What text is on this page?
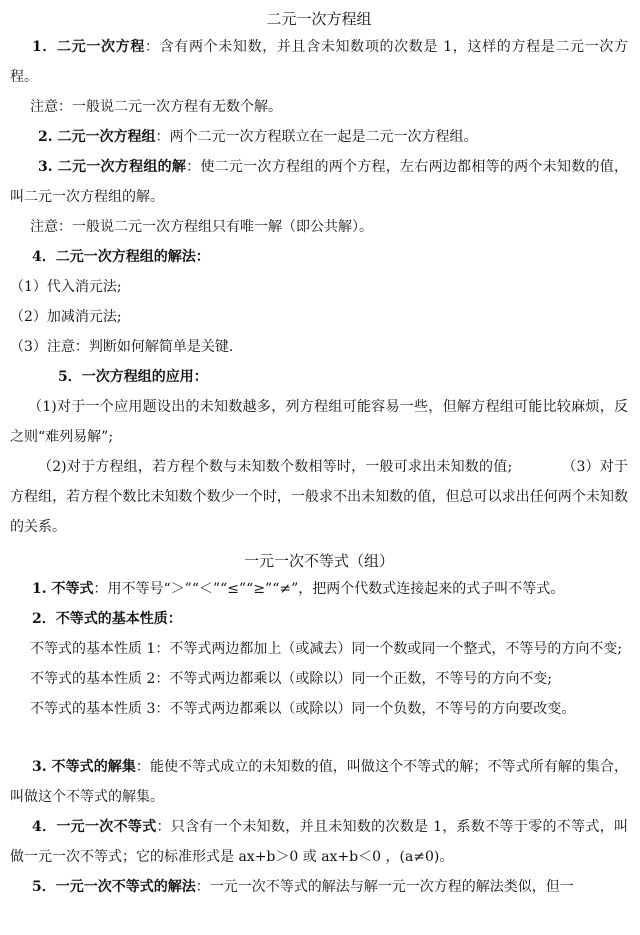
二元一次方程组

1．二元一次方程：含有两个未知数，并且含未知数项的次数是 1，这样的方程是二元一次方程。

注意：一般说二元一次方程有无数个解。

2. 二元一次方程组：两个二元一次方程联立在一起是二元一次方程组。

3. 二元一次方程组的解：使二元一次方程组的两个方程，左右两边都相等的两个未知数的值，叫二元一次方程组的解。

注意：一般说二元一次方程组只有唯一解（即公共解）。

4．二元一次方程组的解法：

（1）代入消元法;

（2）加减消元法;

（3）注意：判断如何解简单是关键.

5．一次方程组的应用：

（1)对于一个应用题设出的未知数越多，列方程组可能容易一些，但解方程组可能比较麻烦，反之则“难列易解”;

（2)对于方程组，若方程个数与未知数个数相等时，一般可求出未知数的值;　　　　（3）对于方程组，若方程个数比未知数个数少一个时，一般求不出未知数的值，但总可以求出任何两个未知数的关系。

一元一次不等式（组）

1. 不等式：用不等号“＞”“＜”“≤”“≥”“≠”，把两个代数式连接起来的式子叫不等式。

2．不等式的基本性质：

不等式的基本性质 1：不等式两边都加上（或减去）同一个数或同一个整式，不等号的方向不变;

不等式的基本性质 2：不等式两边都乘以（或除以）同一个正数，不等号的方向不变;

不等式的基本性质 3：不等式两边都乘以（或除以）同一个负数，不等号的方向要改变。

3. 不等式的解集：能使不等式成立的未知数的值，叫做这个不等式的解；不等式所有解的集合，叫做这个不等式的解集。

4．一元一次不等式：只含有一个未知数，并且未知数的次数是 1，系数不等于零的不等式，叫做一元一次不等式；它的标准形式是 ax+b＞0 或 ax+b＜0 ，(a≠0)。

5．一元一次不等式的解法：一元一次不等式的解法与解一元一次方程的解法类似，但一
